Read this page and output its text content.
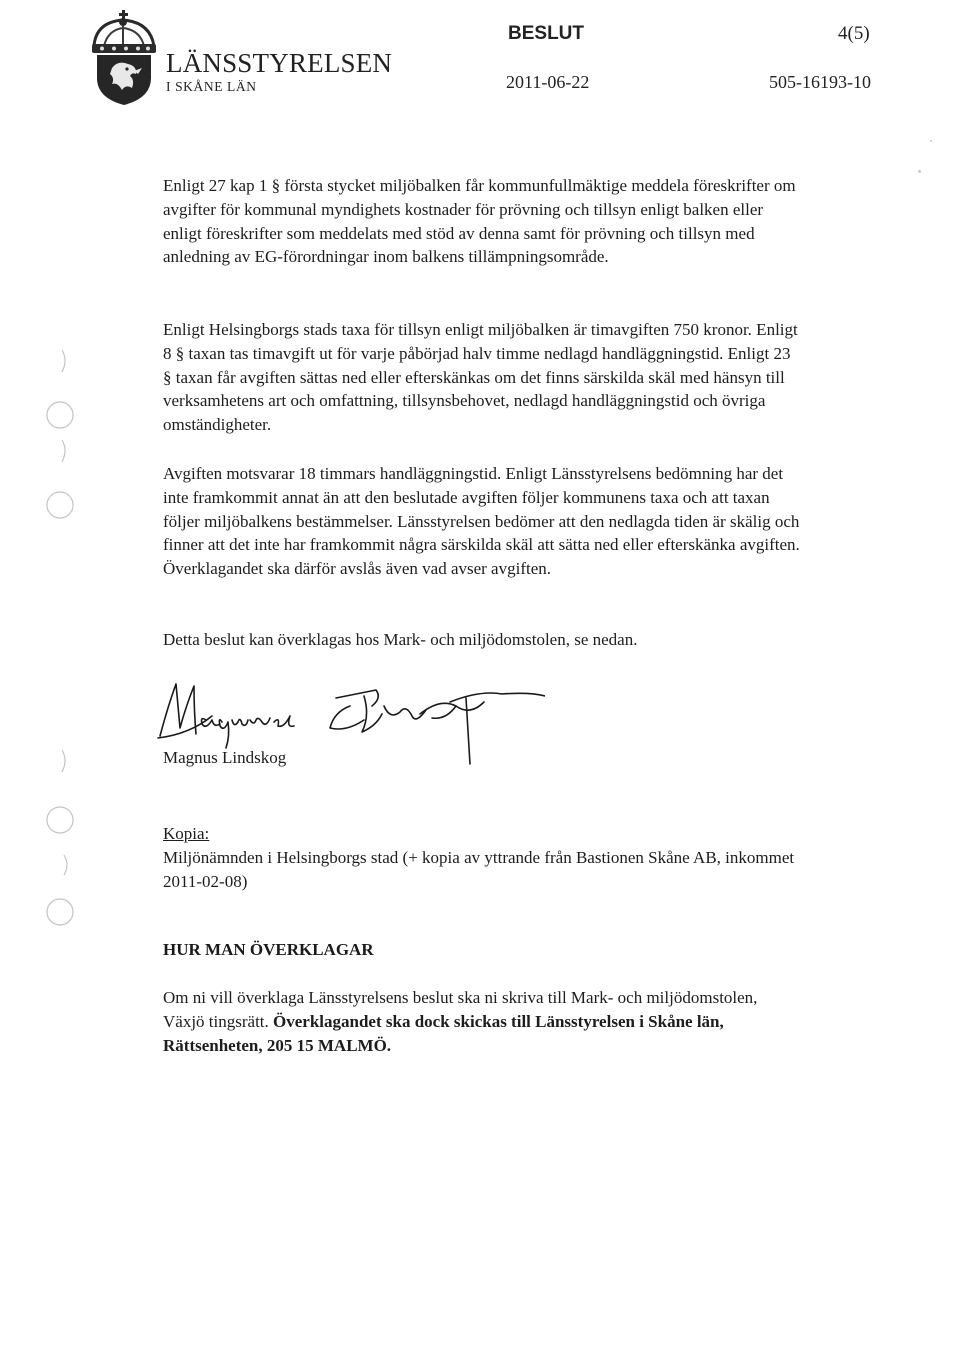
LÄNSSTYRELSEN
I SKÅNE LÄN
BESLUT	4(5)
2011-06-22	505-16193-10

Enligt 27 kap 1 § första stycket miljöbalken får kommunfullmäktige meddela föreskrifter om avgifter för kommunal myndighets kostnader för prövning och tillsyn enligt balken eller enligt föreskrifter som meddelats med stöd av denna samt för prövning och tillsyn med anledning av EG-förordningar inom balkens tillämpningsområde.

Enligt Helsingborgs stads taxa för tillsyn enligt miljöbalken är timavgiften 750 kronor. Enligt 8 § taxan tas timavgift ut för varje påbörjad halv timme nedlagd handläggningstid. Enligt 23 § taxan får avgiften sättas ned eller efterskänkas om det finns särskilda skäl med hänsyn till verksamhetens art och omfattning, tillsynsbehovet, nedlagd handläggningstid och övriga omständigheter.

Avgiften motsvarar 18 timmars handläggningstid. Enligt Länsstyrelsens bedömning har det inte framkommit annat än att den beslutade avgiften följer kommunens taxa och att taxan följer miljöbalkens bestämmelser. Länsstyrelsen bedömer att den nedlagda tiden är skälig och finner att det inte har framkommit några särskilda skäl att sätta ned eller efterskänka avgiften. Överklagandet ska därför avslås även vad avser avgiften.

Detta beslut kan överklagas hos Mark- och miljödomstolen, se nedan.

Magnus Lindskog
Kopia:

Miljönämnden i Helsingborgs stad (+ kopia av yttrande från Bastionen Skåne AB, inkommet 2011-02-08)

HUR MAN ÖVERKLAGAR

Om ni vill överklaga Länsstyrelsens beslut ska ni skriva till Mark- och miljödomstolen, Växjö tingsrätt. Överklagandet ska dock skickas till Länsstyrelsen i Skåne län, Rättsenheten, 205 15 MALMÖ.
